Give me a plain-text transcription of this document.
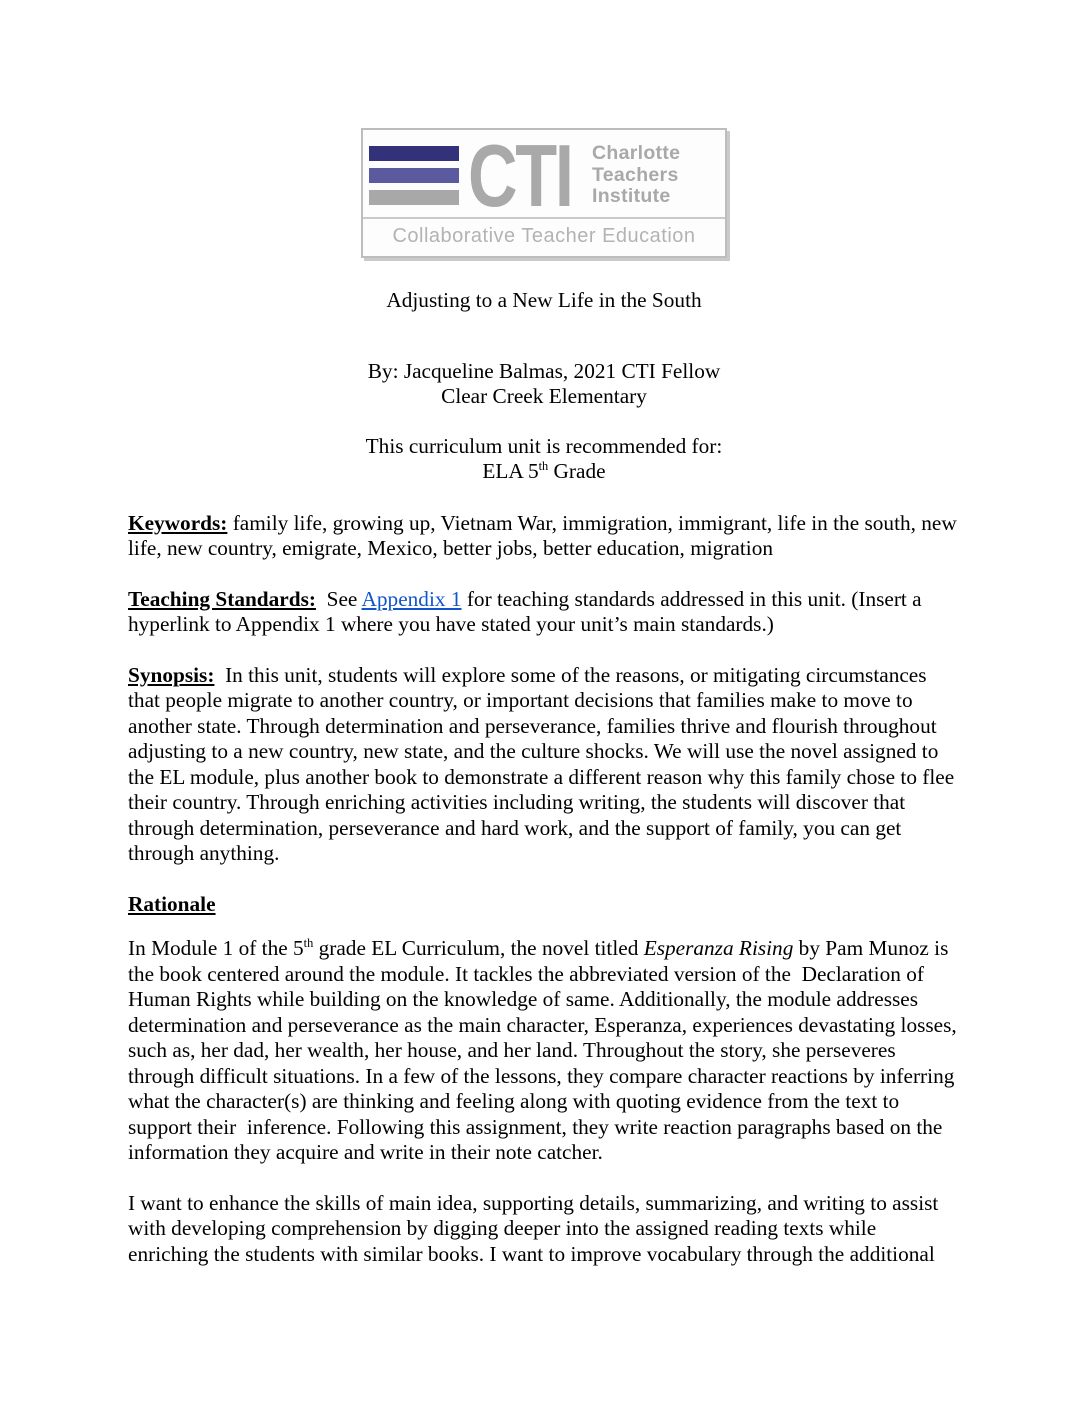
CTI Charlotte
Teachers
Institute
Collaborative Teacher Education

Adjusting to a New Life in the South

By: Jacqueline Balmas, 2021 CTI Fellow
Clear Creek Elementary
This curriculum unit is recommended for:
ELA 5th Grade

Keywords: family life, growing up, Vietnam War, immigration, immigrant, life in the south, new life, new country, emigrate, Mexico, better jobs, better education, migration

Teaching Standards:  See Appendix 1 for teaching standards addressed in this unit. (Insert a hyperlink to Appendix 1 where you have stated your unit’s main standards.)

Synopsis:  In this unit, students will explore some of the reasons, or mitigating circumstances that people migrate to another country, or important decisions that families make to move to another state. Through determination and perseverance, families thrive and flourish throughout adjusting to a new country, new state, and the culture shocks. We will use the novel assigned to the EL module, plus another book to demonstrate a different reason why this family chose to flee their country. Through enriching activities including writing, the students will discover that through determination, perseverance and hard work, and the support of family, you can get through anything.

Rationale

In Module 1 of the 5th grade EL Curriculum, the novel titled Esperanza Rising by Pam Munoz is the book centered around the module. It tackles the abbreviated version of the  Declaration of Human Rights while building on the knowledge of same. Additionally, the module addresses determination and perseverance as the main character, Esperanza, experiences devastating losses, such as, her dad, her wealth, her house, and her land. Throughout the story, she perseveres through difficult situations. In a few of the lessons, they compare character reactions by inferring what the character(s) are thinking and feeling along with quoting evidence from the text to support their  inference. Following this assignment, they write reaction paragraphs based on the information they acquire and write in their note catcher.

I want to enhance the skills of main idea, supporting details, summarizing, and writing to assist with developing comprehension by digging deeper into the assigned reading texts while enriching the students with similar books. I want to improve vocabulary through the additional
